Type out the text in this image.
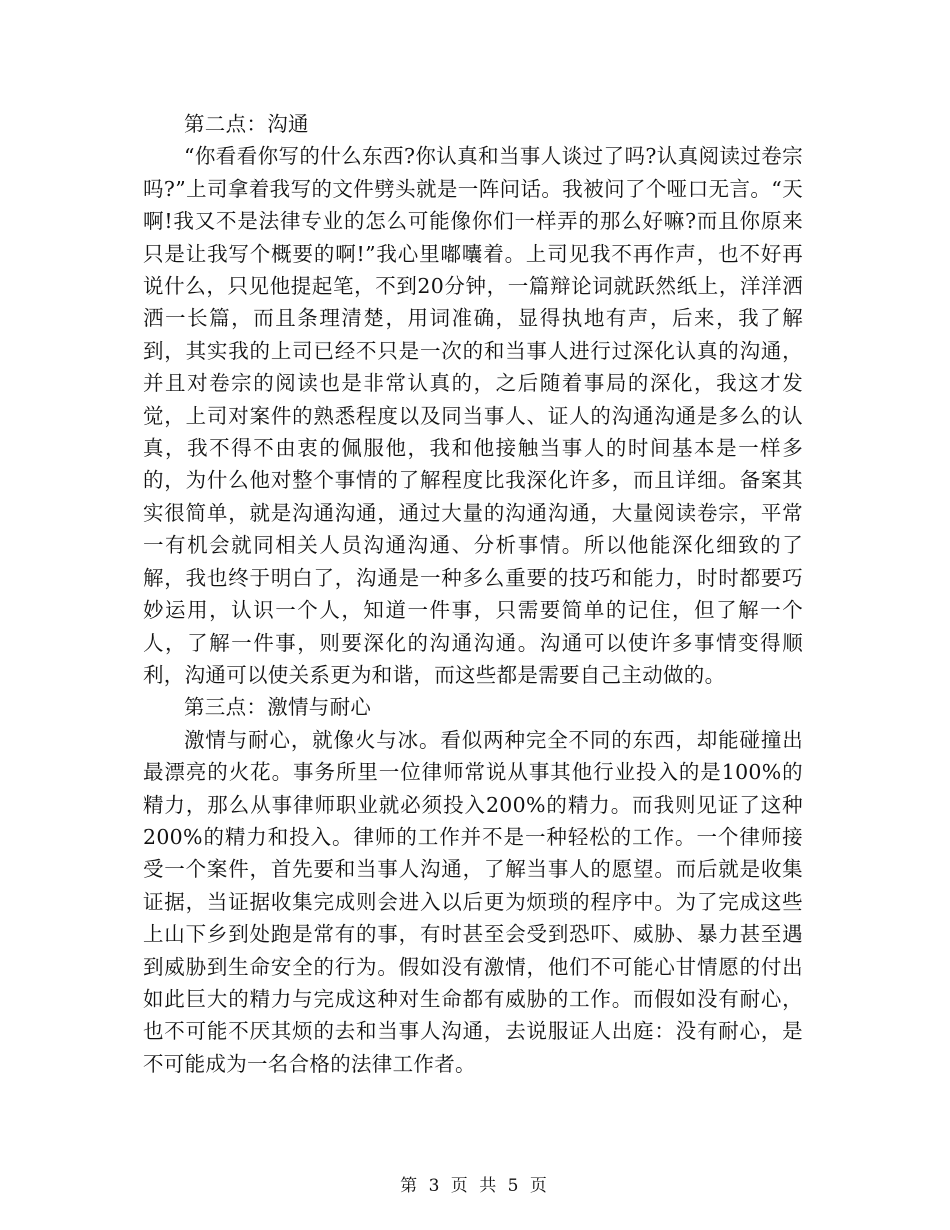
第二点：沟通

“你看看你写的什么东西?你认真和当事人谈过了吗?认真阅读过卷宗吗?”上司拿着我写的文件劈头就是一阵问话。我被问了个哑口无言。“天啊!我又不是法律专业的怎么可能像你们一样弄的那么好嘛?而且你原来只是让我写个概要的啊!”我心里嘟囔着。上司见我不再作声，也不好再说什么，只见他提起笔，不到20分钟，一篇辩论词就跃然纸上，洋洋洒洒一长篇，而且条理清楚，用词准确，显得执地有声，后来，我了解到，其实我的上司已经不只是一次的和当事人进行过深化认真的沟通，并且对卷宗的阅读也是非常认真的，之后随着事局的深化，我这才发觉，上司对案件的熟悉程度以及同当事人、证人的沟通沟通是多么的认真，我不得不由衷的佩服他，我和他接触当事人的时间基本是一样多的，为什么他对整个事情的了解程度比我深化许多，而且详细。备案其实很简单，就是沟通沟通，通过大量的沟通沟通，大量阅读卷宗，平常一有机会就同相关人员沟通沟通、分析事情。所以他能深化细致的了解，我也终于明白了，沟通是一种多么重要的技巧和能力，时时都要巧妙运用，认识一个人，知道一件事，只需要简单的记住，但了解一个人，了解一件事，则要深化的沟通沟通。沟通可以使许多事情变得顺利，沟通可以使关系更为和谐，而这些都是需要自己主动做的。

第三点：激情与耐心

激情与耐心，就像火与冰。看似两种完全不同的东西，却能碰撞出最漂亮的火花。事务所里一位律师常说从事其他行业投入的是100%的精力，那么从事律师职业就必须投入200%的精力。而我则见证了这种200%的精力和投入。律师的工作并不是一种轻松的工作。一个律师接受一个案件，首先要和当事人沟通，了解当事人的愿望。而后就是收集证据，当证据收集完成则会进入以后更为烦琐的程序中。为了完成这些上山下乡到处跑是常有的事，有时甚至会受到恐吓、威胁、暴力甚至遇到威胁到生命安全的行为。假如没有激情，他们不可能心甘情愿的付出如此巨大的精力与完成这种对生命都有威胁的工作。而假如没有耐心，也不可能不厌其烦的去和当事人沟通，去说服证人出庭：没有耐心，是不可能成为一名合格的法律工作者。

第 3 页 共 5 页
